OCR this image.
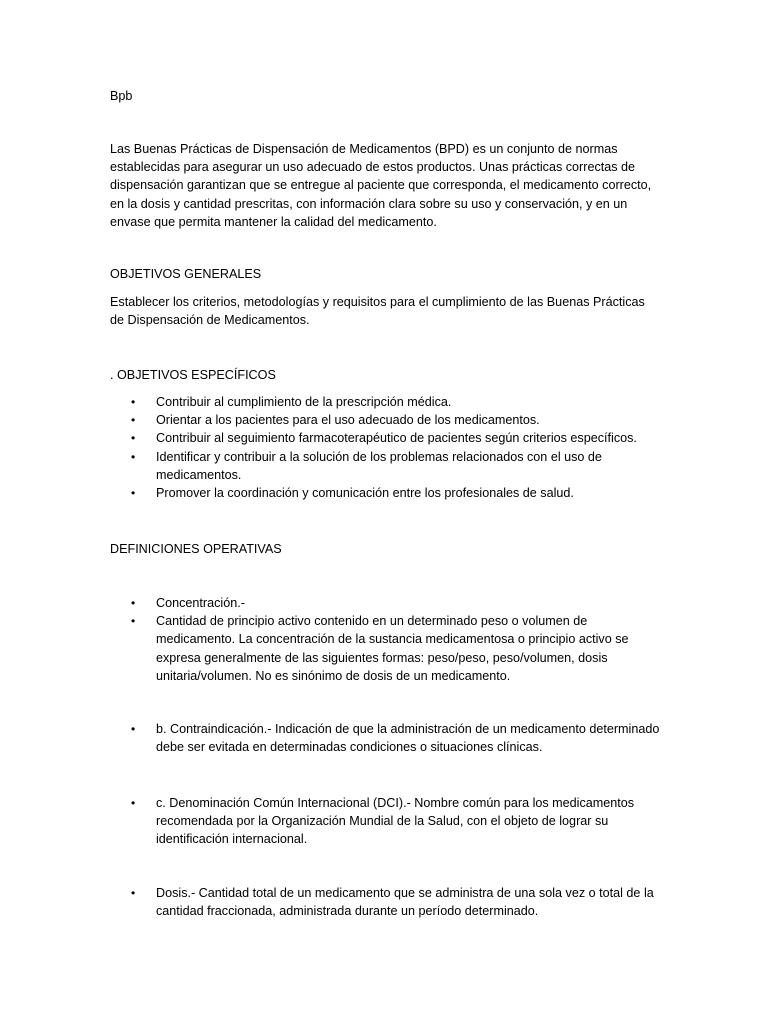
Bpb

Las Buenas Prácticas de Dispensación de Medicamentos (BPD) es un conjunto de normas establecidas para asegurar un uso adecuado de estos productos. Unas prácticas correctas de dispensación garantizan que se entregue al paciente que corresponda, el medicamento correcto, en la dosis y cantidad prescritas, con información clara sobre su uso y conservación, y en un envase que permita mantener la calidad del medicamento.

OBJETIVOS GENERALES

Establecer los criterios, metodologías y requisitos para el cumplimiento de las Buenas Prácticas de Dispensación de Medicamentos.

. OBJETIVOS ESPECÍFICOS

• Contribuir al cumplimiento de la prescripción médica.
• Orientar a los pacientes para el uso adecuado de los medicamentos.
• Contribuir al seguimiento farmacoterapéutico de pacientes según criterios específicos.
• Identificar y contribuir a la solución de los problemas relacionados con el uso de medicamentos.
• Promover la coordinación y comunicación entre los profesionales de salud.

DEFINICIONES OPERATIVAS

• Concentración.-
• Cantidad de principio activo contenido en un determinado peso o volumen de medicamento. La concentración de la sustancia medicamentosa o principio activo se expresa generalmente de las siguientes formas: peso/peso, peso/volumen, dosis unitaria/volumen. No es sinónimo de dosis de un medicamento.
• b. Contraindicación.- Indicación de que la administración de un medicamento determinado debe ser evitada en determinadas condiciones o situaciones clínicas.
• c. Denominación Común Internacional (DCI).- Nombre común para los medicamentos recomendada por la Organización Mundial de la Salud, con el objeto de lograr su identificación internacional.
• Dosis.- Cantidad total de un medicamento que se administra de una sola vez o total de la cantidad fraccionada, administrada durante un período determinado.
